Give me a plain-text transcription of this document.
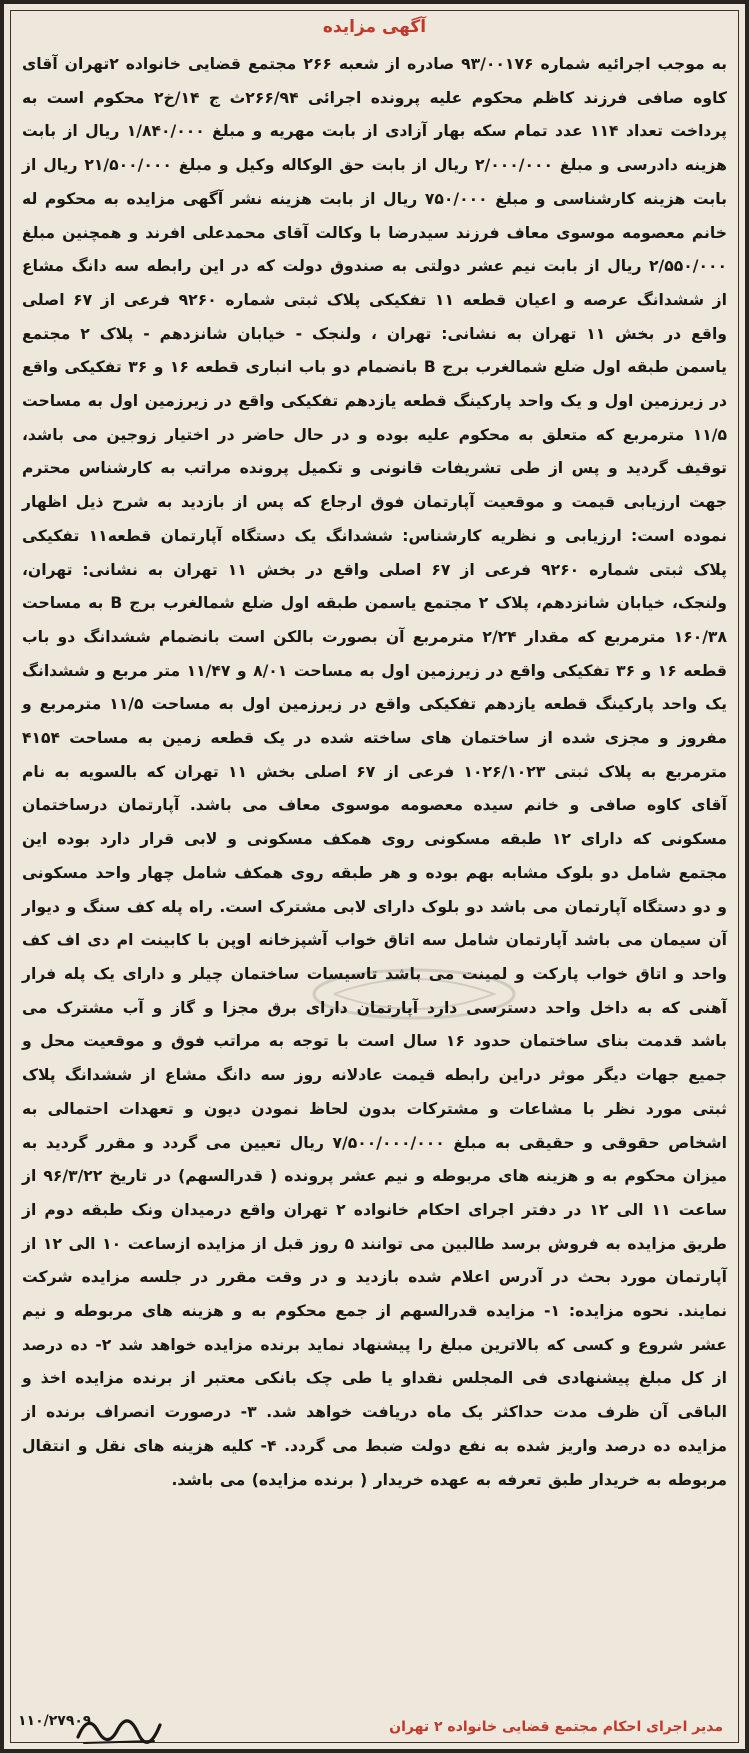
آگهی مزایده
به موجب اجرائیه شماره ۹۳/۰۰۱۷۶ صادره از شعبه ۲۶۶ مجتمع قضایی خانواده ۲تهران آقای کاوه صافی فرزند کاظم محکوم علیه پرونده اجرائی ۲۶۶/۹۴ث ج ۱۴/خ۲ محکوم است به پرداخت تعداد ۱۱۴ عدد تمام سکه بهار آزادی از بابت مهریه و مبلغ ۱/۸۴۰/۰۰۰ ریال از بابت هزینه دادرسی و مبلغ ۲/۰۰۰/۰۰۰ ریال از بابت حق الوکاله وکیل و مبلغ ۲۱/۵۰۰/۰۰۰ ریال از بابت هزینه کارشناسی و مبلغ ۷۵۰/۰۰۰ ریال از بابت هزینه نشر آگهی مزایده به محکوم له خانم معصومه موسوی معاف فرزند سیدرضا با وکالت آقای محمدعلی افرند و همچنین مبلغ ۲/۵۵۰/۰۰۰ ریال از بابت نیم عشر دولتی به صندوق دولت که در این رابطه سه دانگ مشاع از ششدانگ عرصه و اعیان قطعه ۱۱ تفکیکی پلاک ثبتی شماره ۹۲۶۰ فرعی از ۶۷ اصلی واقع در بخش ۱۱ تهران به نشانی: تهران ، ولنجک - خیابان شانزدهم - پلاک ۲ مجتمع یاسمن طبقه اول ضلع شمالغرب برج B بانضمام دو باب انباری قطعه ۱۶ و ۳۶ تفکیکی واقع در زیرزمین اول و یک واحد پارکینگ قطعه یازدهم تفکیکی واقع در زیرزمین اول به مساحت ۱۱/۵ مترمربع که متعلق به محکوم علیه بوده و در حال حاضر در اختیار زوجین می باشد، توقیف گردید و پس از طی تشریفات قانونی و تکمیل پرونده مراتب به کارشناس محترم جهت ارزیابی قیمت و موقعیت آپارتمان فوق ارجاع که پس از بازدید به شرح ذیل اظهار نموده است: ارزیابی و نظریه کارشناس: ششدانگ یک دستگاه آپارتمان قطعه۱۱ تفکیکی پلاک ثبتی شماره ۹۲۶۰ فرعی از ۶۷ اصلی واقع در بخش ۱۱ تهران به نشانی: تهران، ولنجک، خیابان شانزدهم، پلاک ۲ مجتمع یاسمن طبقه اول ضلع شمالغرب برج B به مساحت ۱۶۰/۳۸ مترمربع که مقدار ۲/۲۴ مترمربع آن بصورت بالکن است بانضمام ششدانگ دو باب قطعه ۱۶ و ۳۶ تفکیکی واقع در زیرزمین اول به مساحت ۸/۰۱ و ۱۱/۴۷ متر مربع و ششدانگ یک واحد پارکینگ قطعه یازدهم تفکیکی واقع در زیرزمین اول به مساحت ۱۱/۵ مترمربع و مفروز و مجزی شده از ساختمان های ساخته شده در یک قطعه زمین به مساحت ۴۱۵۴ مترمربع به پلاک ثبتی ۱۰۲۶/۱۰۲۳ فرعی از ۶۷ اصلی بخش ۱۱ تهران که بالسویه به نام آقای کاوه صافی و خانم سیده معصومه موسوی معاف می باشد. آپارتمان درساختمان مسکونی که دارای ۱۲ طبقه مسکونی روی همکف مسکونی و لابی قرار دارد بوده این مجتمع شامل دو بلوک مشابه بهم بوده و هر طبقه روی همکف شامل چهار واحد مسکونی و دو دستگاه آپارتمان می باشد دو بلوک دارای لابی مشترک است. راه پله کف سنگ و دیوار آن سیمان می باشد آپارتمان شامل سه اتاق خواب آشپزخانه اوپن با کابینت ام دی اف کف واحد و اتاق خواب پارکت و لمینت می باشد تاسیسات ساختمان چیلر و دارای یک پله فرار آهنی که به داخل واحد دسترسی دارد آپارتمان دارای برق مجزا و گاز و آب مشترک می باشد قدمت بنای ساختمان حدود ۱۶ سال است با توجه به مراتب فوق و موقعیت محل و جمیع جهات دیگر موثر دراین رابطه قیمت عادلانه روز سه دانگ مشاع از ششدانگ پلاک ثبتی مورد نظر با مشاعات و مشترکات بدون لحاظ نمودن دیون و تعهدات احتمالی به اشخاص حقوقی و حقیقی به مبلغ ۷/۵۰۰/۰۰۰/۰۰۰ ریال تعیین می گردد و مقرر گردید به میزان محکوم به و هزینه های مربوطه و نیم عشر پرونده ( قدرالسهم) در تاریخ ۹۶/۳/۲۲ از ساعت ۱۱ الی ۱۲ در دفتر اجرای احکام خانواده ۲ تهران واقع درمیدان ونک طبقه دوم از طریق مزایده به فروش برسد طالبین می توانند ۵ روز قبل از مزایده ازساعت ۱۰ الی ۱۲ از آپارتمان مورد بحث در آدرس اعلام شده بازدید و در وقت مقرر در جلسه مزایده شرکت نمایند. نحوه مزایده: ۱- مزایده قدرالسهم از جمع محکوم به و هزینه های مربوطه و نیم عشر شروع و کسی که بالاترین مبلغ را پیشنهاد نماید برنده مزایده خواهد شد ۲- ده درصد از کل مبلغ پیشنهادی فی المجلس نقداو یا طی چک بانکی معتبر از برنده مزایده اخذ و الباقی آن ظرف مدت حداکثر یک ماه دریافت خواهد شد. ۳- درصورت انصراف برنده از مزایده ده درصد واریز شده به نفع دولت ضبط می گردد. ۴- کلیه هزینه های نقل و انتقال مربوطه به خریدار طبق تعرفه به عهده خریدار ( برنده مزایده) می باشد.
۱۱۰/۲۷۹۰۹	مدیر اجرای احکام مجتمع قضایی خانواده ۲ تهران
